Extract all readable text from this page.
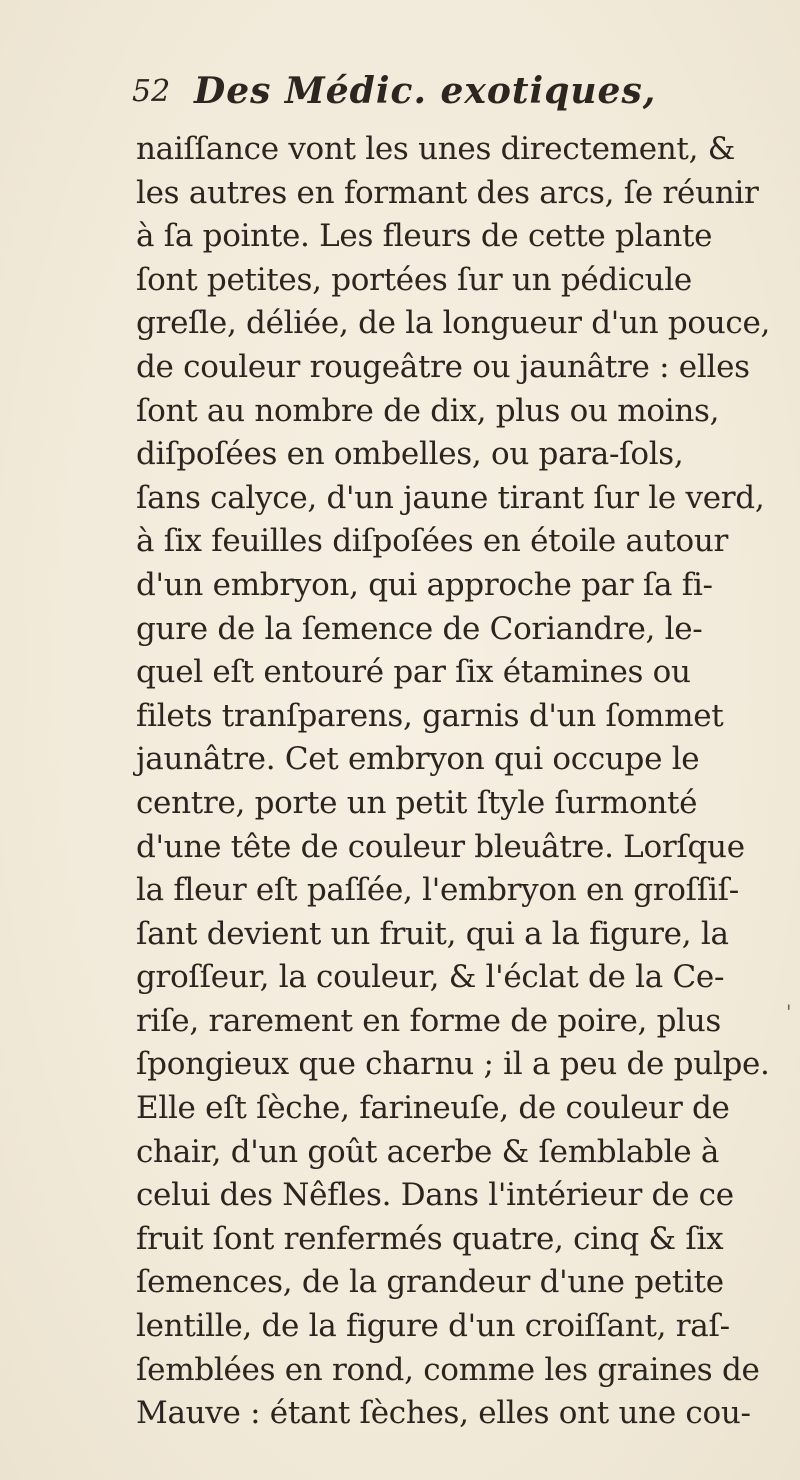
52 Des Médic. exotiques,
naiſſance vont les unes directement, &
les autres en formant des arcs, ſe réunir
à ſa pointe. Les fleurs de cette plante
ſont petites, portées ſur un pédicule
greſle, déliée, de la longueur d'un pouce,
de couleur rougeâtre ou jaunâtre : elles
ſont au nombre de dix, plus ou moins,
diſpoſées en ombelles, ou para-ſols,
ſans calyce, d'un jaune tirant ſur le verd,
à ſix feuilles diſpoſées en étoile autour
d'un embryon, qui approche par ſa fi-
gure de la ſemence de Coriandre, le-
quel eſt entouré par ſix étamines ou
filets tranſparens, garnis d'un ſommet
jaunâtre. Cet embryon qui occupe le
centre, porte un petit ſtyle ſurmonté
d'une tête de couleur bleuâtre. Lorſque
la fleur eſt paſſée, l'embryon en groſſiſ-
ſant devient un fruit, qui a la figure, la
groſſeur, la couleur, & l'éclat de la Ce-
riſe, rarement en forme de poire, plus
ſpongieux que charnu ; il a peu de pulpe.
Elle eſt ſèche, farineuſe, de couleur de
chair, d'un goût acerbe & ſemblable à
celui des Nêfles. Dans l'intérieur de ce
fruit ſont renfermés quatre, cinq & ſix
ſemences, de la grandeur d'une petite
lentille, de la figure d'un croiſſant, raſ-
ſemblées en rond, comme les graines de
Mauve : étant ſèches, elles ont une cou-
'
